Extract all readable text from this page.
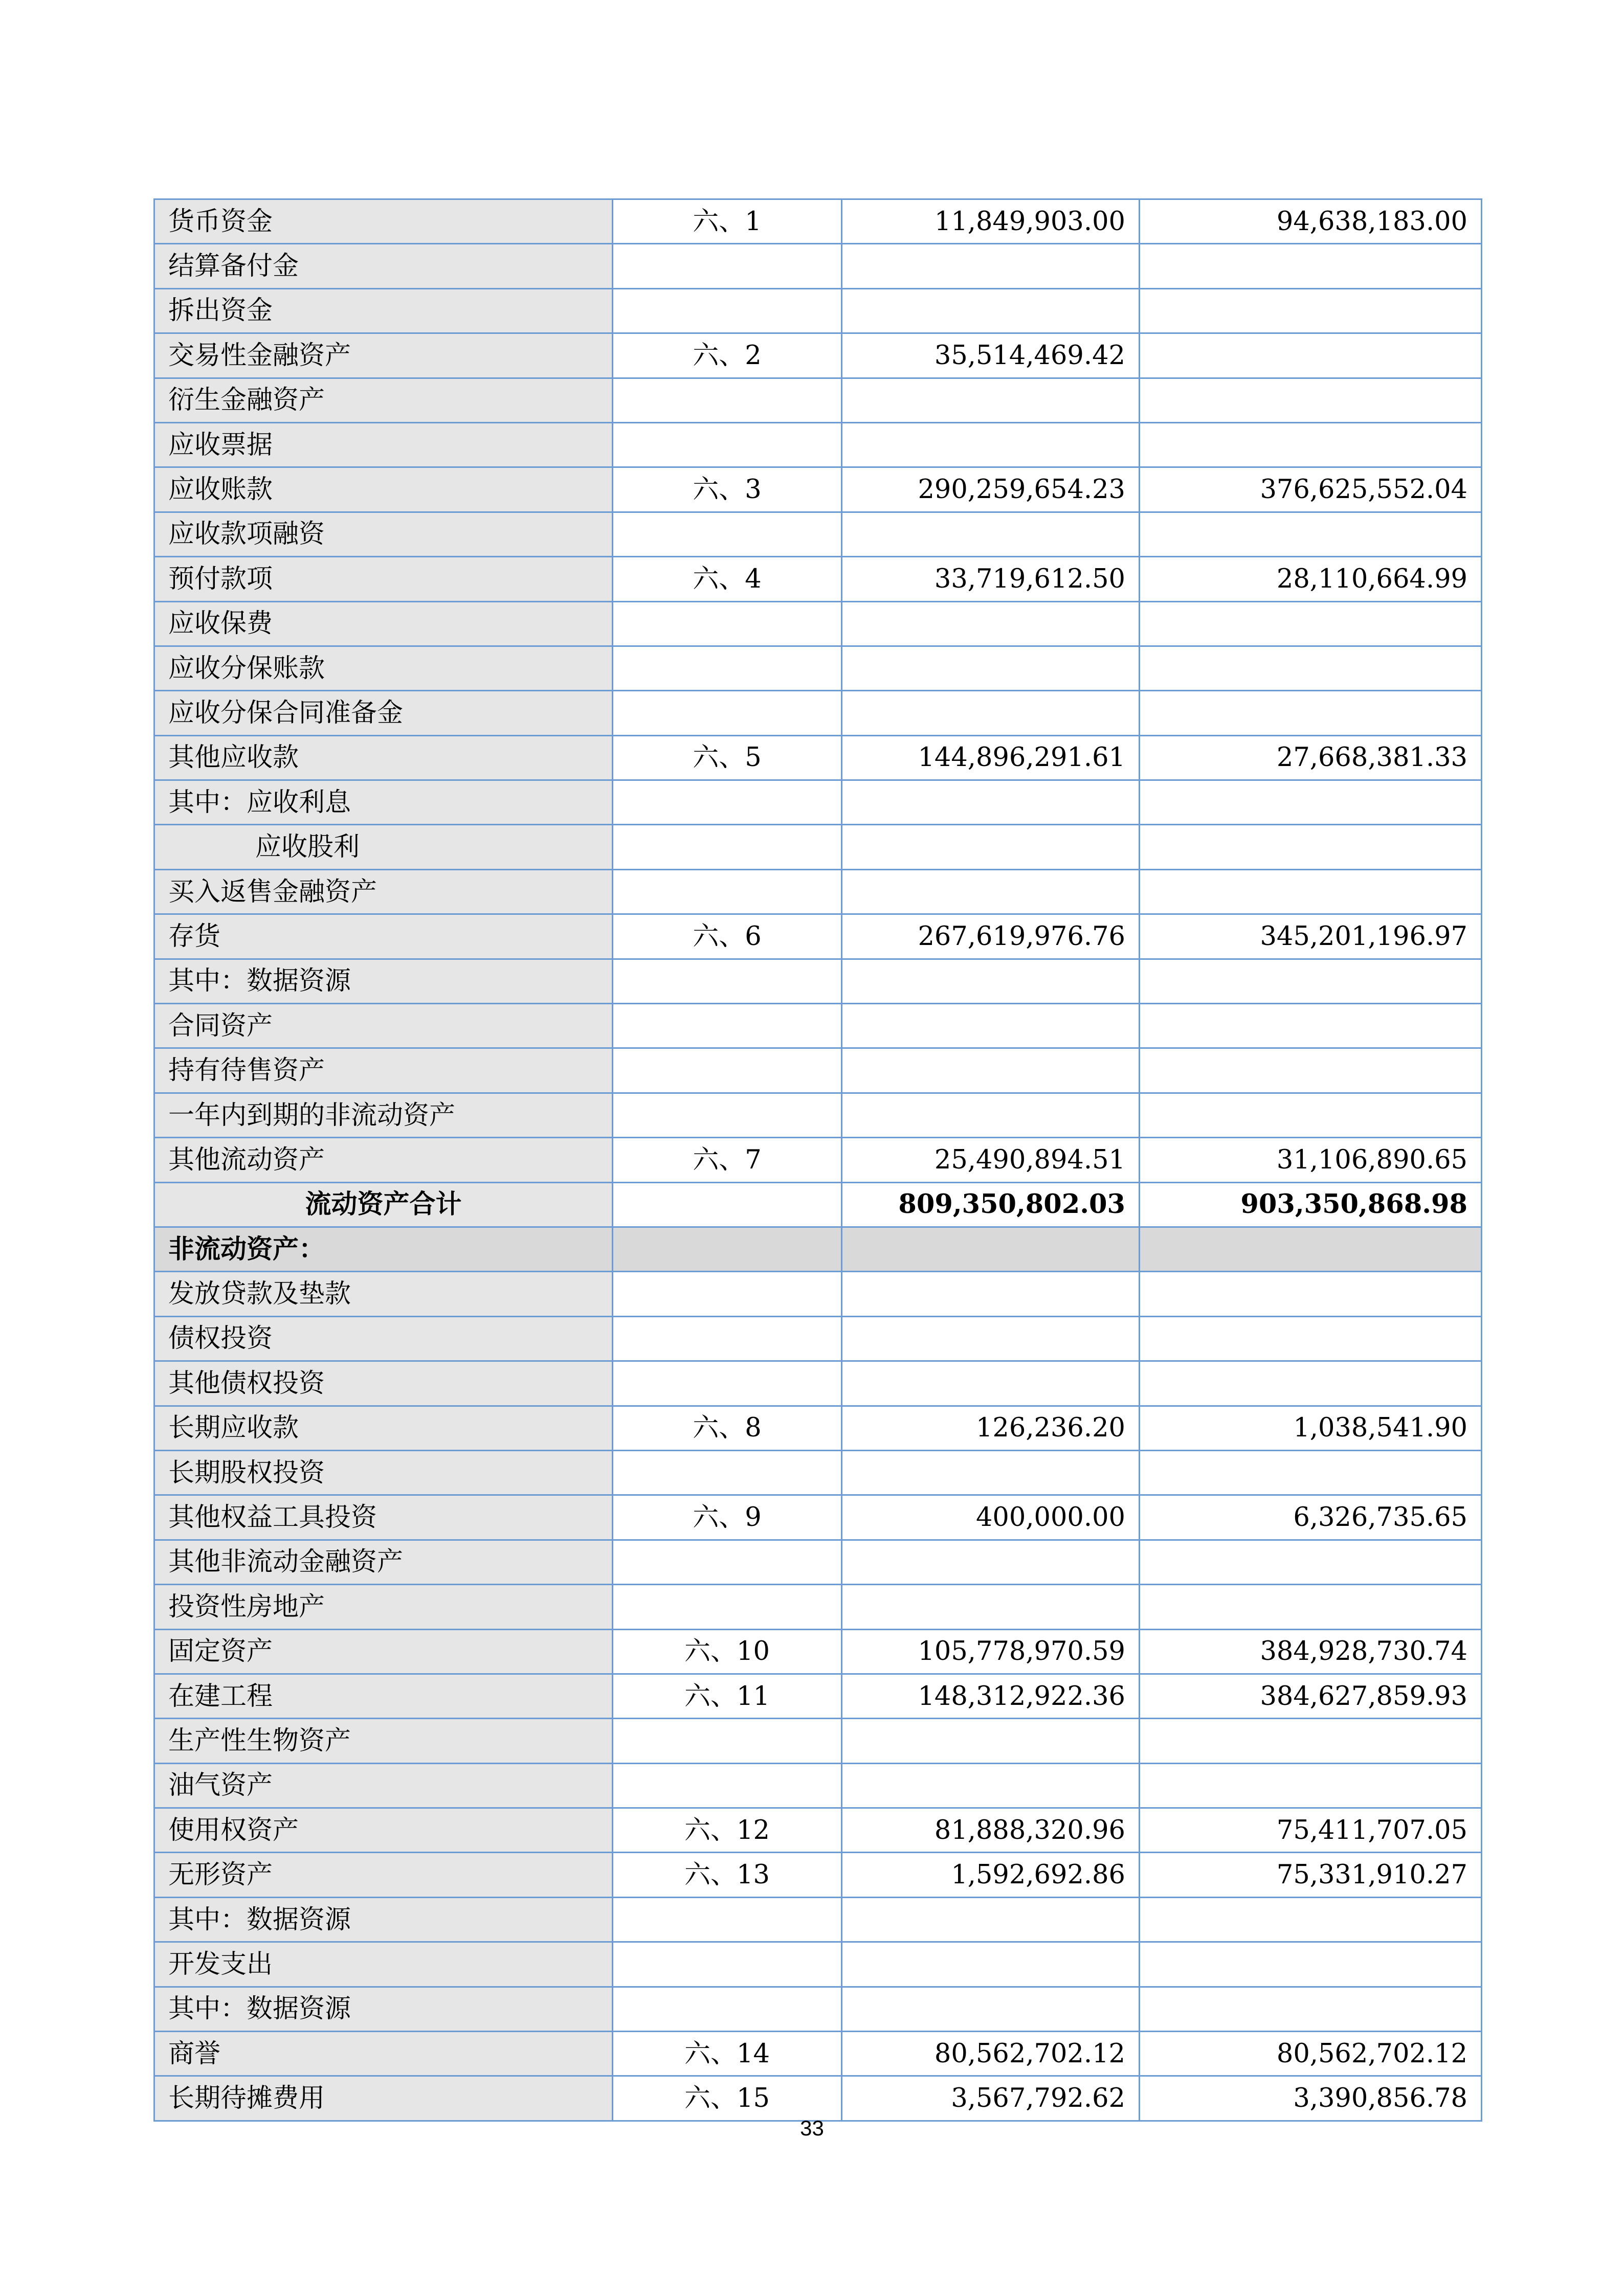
货币资金	六、1	11,849,903.00	94,638,183.00
结算备付金			
拆出资金			
交易性金融资产	六、2	35,514,469.42	
衍生金融资产			
应收票据			
应收账款	六、3	290,259,654.23	376,625,552.04
应收款项融资			
预付款项	六、4	33,719,612.50	28,110,664.99
应收保费			
应收分保账款			
应收分保合同准备金			
其他应收款	六、5	144,896,291.61	27,668,381.33
其中：应收利息			
应收股利			
买入返售金融资产			
存货	六、6	267,619,976.76	345,201,196.97
其中：数据资源			
合同资产			
持有待售资产			
一年内到期的非流动资产			
其他流动资产	六、7	25,490,894.51	31,106,890.65
流动资产合计		809,350,802.03	903,350,868.98
非流动资产：			
发放贷款及垫款			
债权投资			
其他债权投资			
长期应收款	六、8	126,236.20	1,038,541.90
长期股权投资			
其他权益工具投资	六、9	400,000.00	6,326,735.65
其他非流动金融资产			
投资性房地产			
固定资产	六、10	105,778,970.59	384,928,730.74
在建工程	六、11	148,312,922.36	384,627,859.93
生产性生物资产			
油气资产			
使用权资产	六、12	81,888,320.96	75,411,707.05
无形资产	六、13	1,592,692.86	75,331,910.27
其中：数据资源			
开发支出			
其中：数据资源			
商誉	六、14	80,562,702.12	80,562,702.12
长期待摊费用	六、15	3,567,792.62	3,390,856.78
33
